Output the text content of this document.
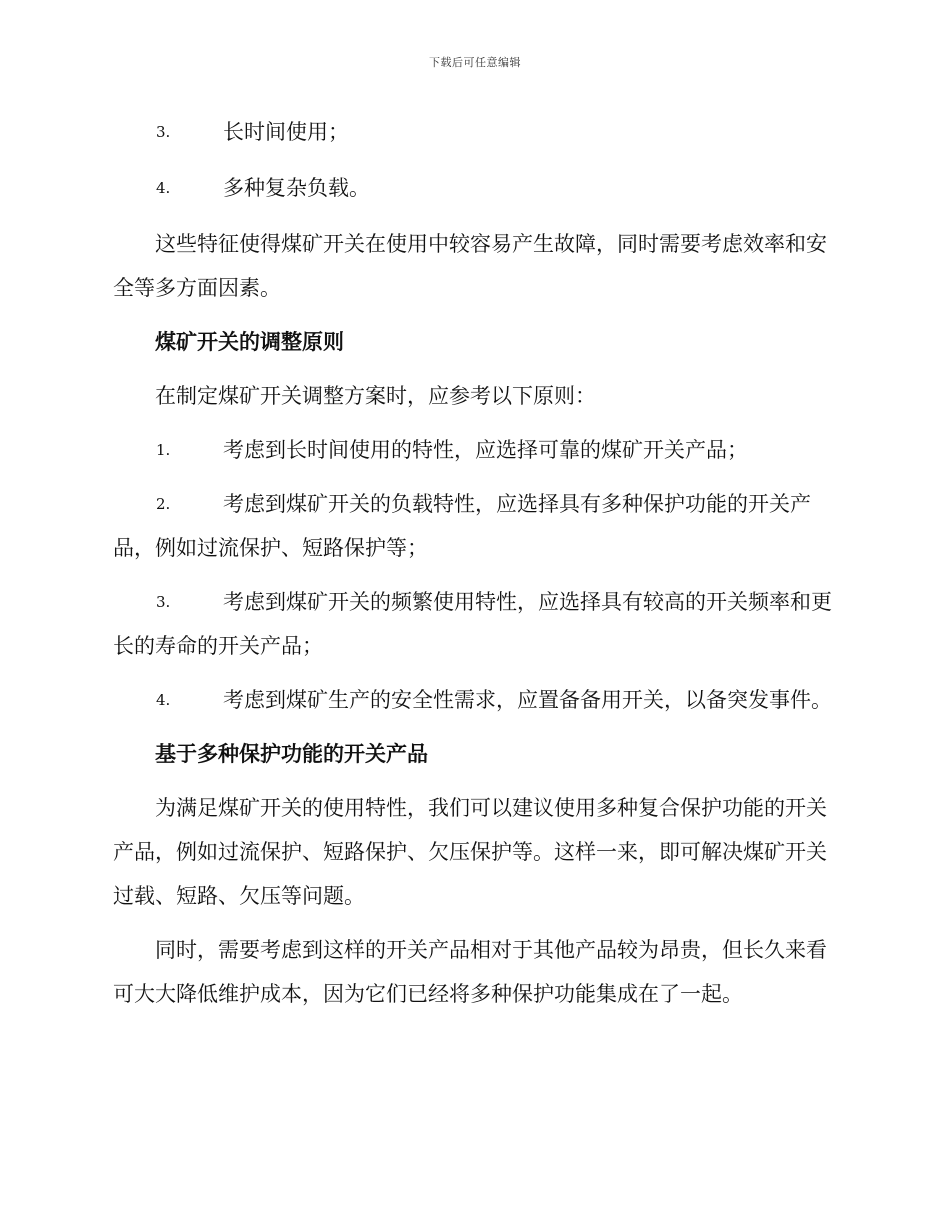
下载后可任意编辑
3.	长时间使用；
4.	多种复杂负载。

这些特征使得煤矿开关在使用中较容易产生故障，同时需要考虑效率和安全等多方面因素。

煤矿开关的调整原则

在制定煤矿开关调整方案时，应参考以下原则：

1.	考虑到长时间使用的特性，应选择可靠的煤矿开关产品；
2.	考虑到煤矿开关的负载特性，应选择具有多种保护功能的开关产品，例如过流保护、短路保护等；
3.	考虑到煤矿开关的频繁使用特性，应选择具有较高的开关频率和更长的寿命的开关产品；
4.	考虑到煤矿生产的安全性需求，应置备备用开关，以备突发事件。
基于多种保护功能的开关产品

为满足煤矿开关的使用特性，我们可以建议使用多种复合保护功能的开关产品，例如过流保护、短路保护、欠压保护等。这样一来，即可解决煤矿开关过载、短路、欠压等问题。

同时，需要考虑到这样的开关产品相对于其他产品较为昂贵，但长久来看可大大降低维护成本，因为它们已经将多种保护功能集成在了一起。
